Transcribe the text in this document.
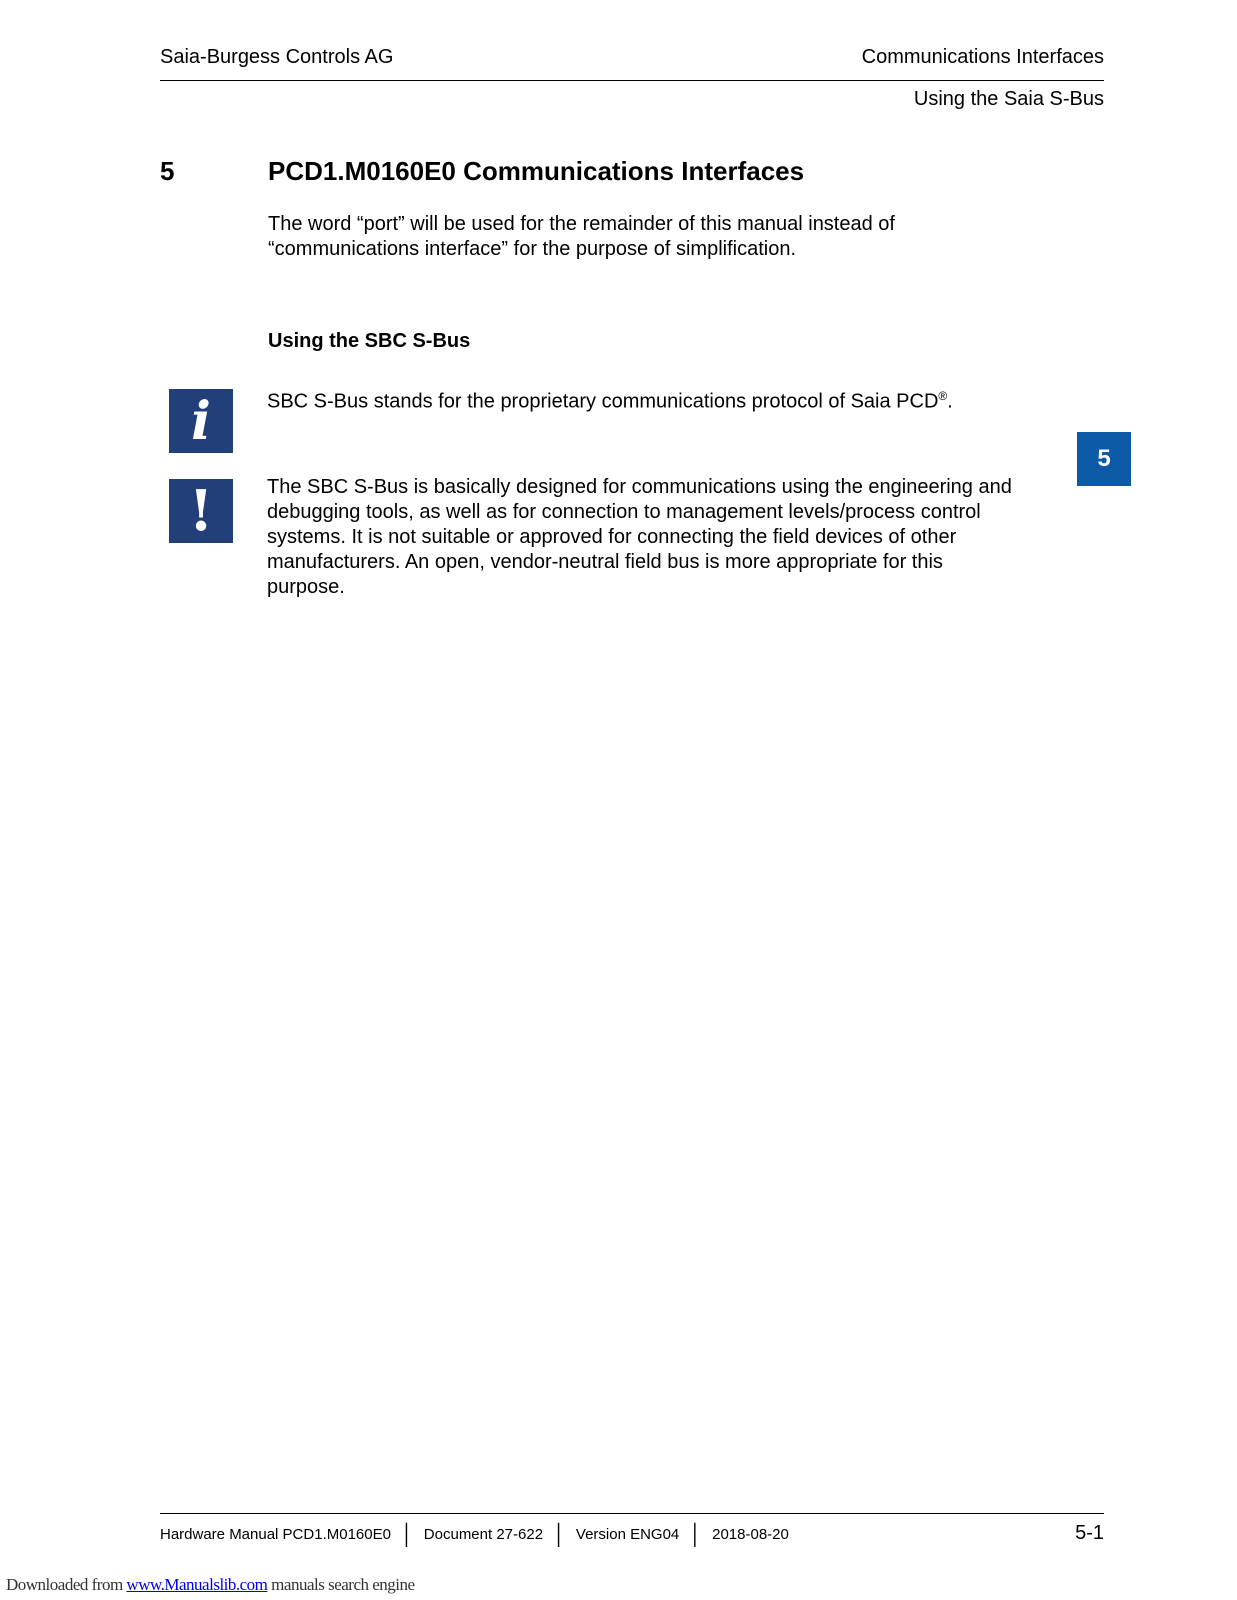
Saia-Burgess Controls AG	Communications Interfaces
Using the Saia S-Bus
5	PCD1.M0160E0 Communications Interfaces
The word “port” will be used for the remainder of this manual instead of “communications interface” for the purpose of simplification.
Using the SBC S-Bus
i	SBC S-Bus stands for the proprietary communications protocol of Saia PCD®.
!	The SBC S-Bus is basically designed for communications using the engineering and debugging tools, as well as for connection to management levels/process control systems. It is not suitable or approved for connecting the field devices of other manufacturers. An open, vendor-neutral field bus is more appropriate for this purpose.
5
Hardware Manual PCD1.M0160E0 │ Document 27-622 │ Version ENG04 │ 2018-08-20	5-1
Downloaded from www.Manualslib.com manuals search engine
